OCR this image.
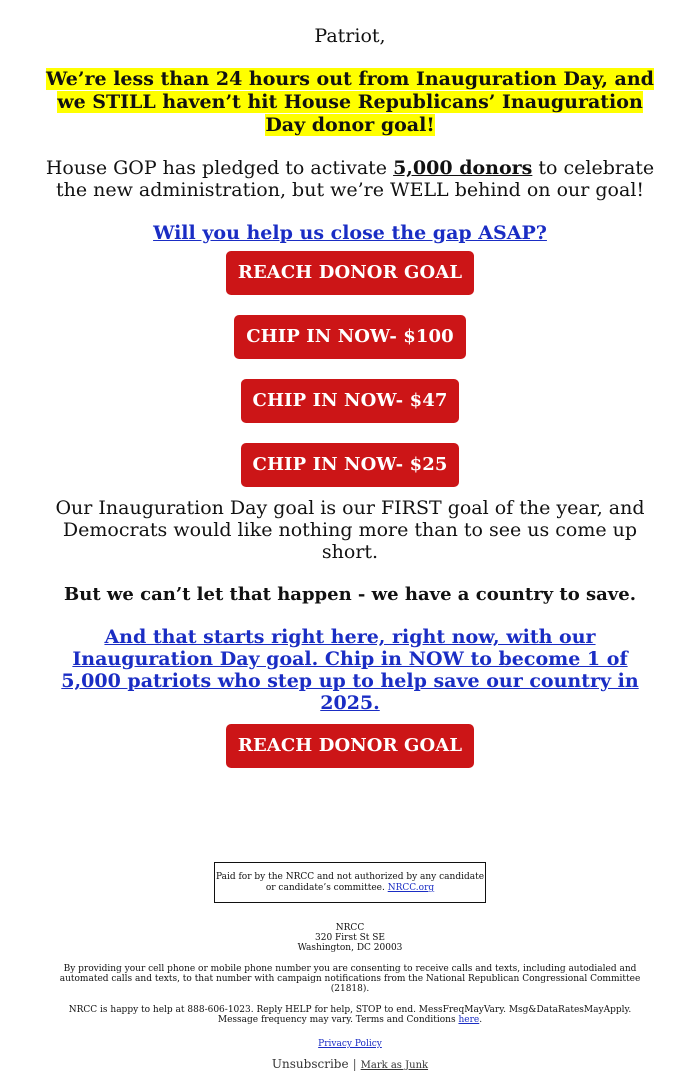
Patriot,
We’re less than 24 hours out from Inauguration Day, and we STILL haven’t hit House Republicans’ Inauguration Day donor goal!
House GOP has pledged to activate 5,000 donors to celebrate the new administration, but we’re WELL behind on our goal!
Will you help us close the gap ASAP?
REACH DONOR GOAL
CHIP IN NOW- $100
CHIP IN NOW- $47
CHIP IN NOW- $25
Our Inauguration Day goal is our FIRST goal of the year, and Democrats would like nothing more than to see us come up short.
But we can’t let that happen - we have a country to save.
And that starts right here, right now, with our Inauguration Day goal. Chip in NOW to become 1 of 5,000 patriots who step up to help save our country in 2025.
REACH DONOR GOAL
Paid for by the NRCC and not authorized by any candidate or candidate’s committee. NRCC.org

NRCC

320 First St SE

Washington, DC 20003

By providing your cell phone or mobile phone number you are consenting to receive calls and texts, including autodialed and automated calls and texts, to that number with campaign notifications from the National Republican Congressional Committee (21818).

NRCC is happy to help at 888-606-1023. Reply HELP for help, STOP to end. MessFreqMayVary. Msg&DataRatesMayApply. Message frequency may vary. Terms and Conditions here.

Privacy Policy

Unsubscribe | Mark as Junk
